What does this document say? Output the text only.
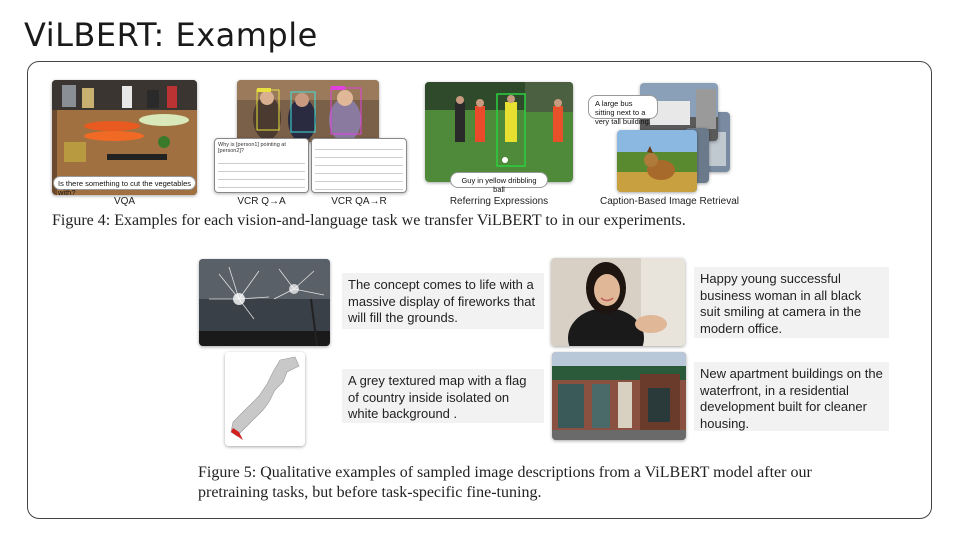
ViLBERT: Example
Is there something to cut the vegetables with?
VQA
Why is [person1] pointing at [person2]?
VCR Q→A	VCR QA→R
Guy in yellow dribbling ball
Referring Expressions
A large bus sitting next to a very tall building.
Caption-Based Image Retrieval
Figure 4: Examples for each vision-and-language task we transfer ViLBERT to in our experiments.
The concept comes to life with a massive display of fireworks that will fill the grounds.
Happy young successful business woman in all black suit smiling at camera in the modern office.
A grey textured map with a flag of country inside isolated on white background .
New apartment buildings on the waterfront, in a residential development built for cleaner housing.
Figure 5: Qualitative examples of sampled image descriptions from a ViLBERT model after our
pretraining tasks, but before task-specific fine-tuning.
